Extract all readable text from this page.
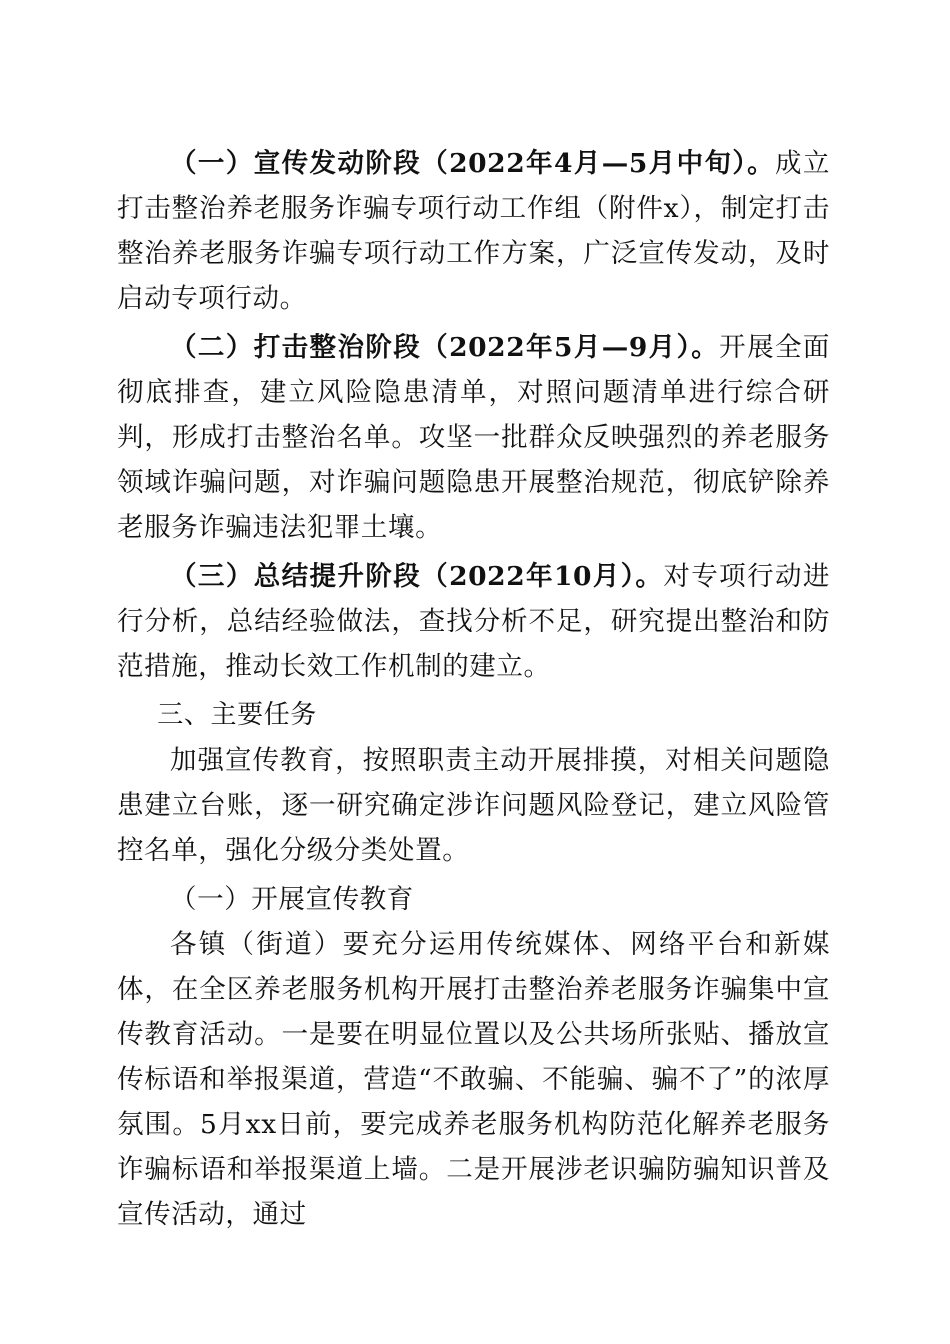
（一）宣传发动阶段（2022年4月—5月中旬）。成立打击整治养老服务诈骗专项行动工作组（附件x），制定打击整治养老服务诈骗专项行动工作方案，广泛宣传发动，及时启动专项行动。

（二）打击整治阶段（2022年5月—9月）。开展全面彻底排查，建立风险隐患清单，对照问题清单进行综合研判，形成打击整治名单。攻坚一批群众反映强烈的养老服务领域诈骗问题，对诈骗问题隐患开展整治规范，彻底铲除养老服务诈骗违法犯罪土壤。

（三）总结提升阶段（2022年10月）。对专项行动进行分析，总结经验做法，查找分析不足，研究提出整治和防范措施，推动长效工作机制的建立。

三、主要任务

加强宣传教育，按照职责主动开展排摸，对相关问题隐患建立台账，逐一研究确定涉诈问题风险登记，建立风险管控名单，强化分级分类处置。

（一）开展宣传教育

各镇（街道）要充分运用传统媒体、网络平台和新媒体，在全区养老服务机构开展打击整治养老服务诈骗集中宣传教育活动。一是要在明显位置以及公共场所张贴、播放宣传标语和举报渠道，营造“不敢骗、不能骗、骗不了”的浓厚氛围。5月xx日前，要完成养老服务机构防范化解养老服务诈骗标语和举报渠道上墙。二是开展涉老识骗防骗知识普及宣传活动，通过
